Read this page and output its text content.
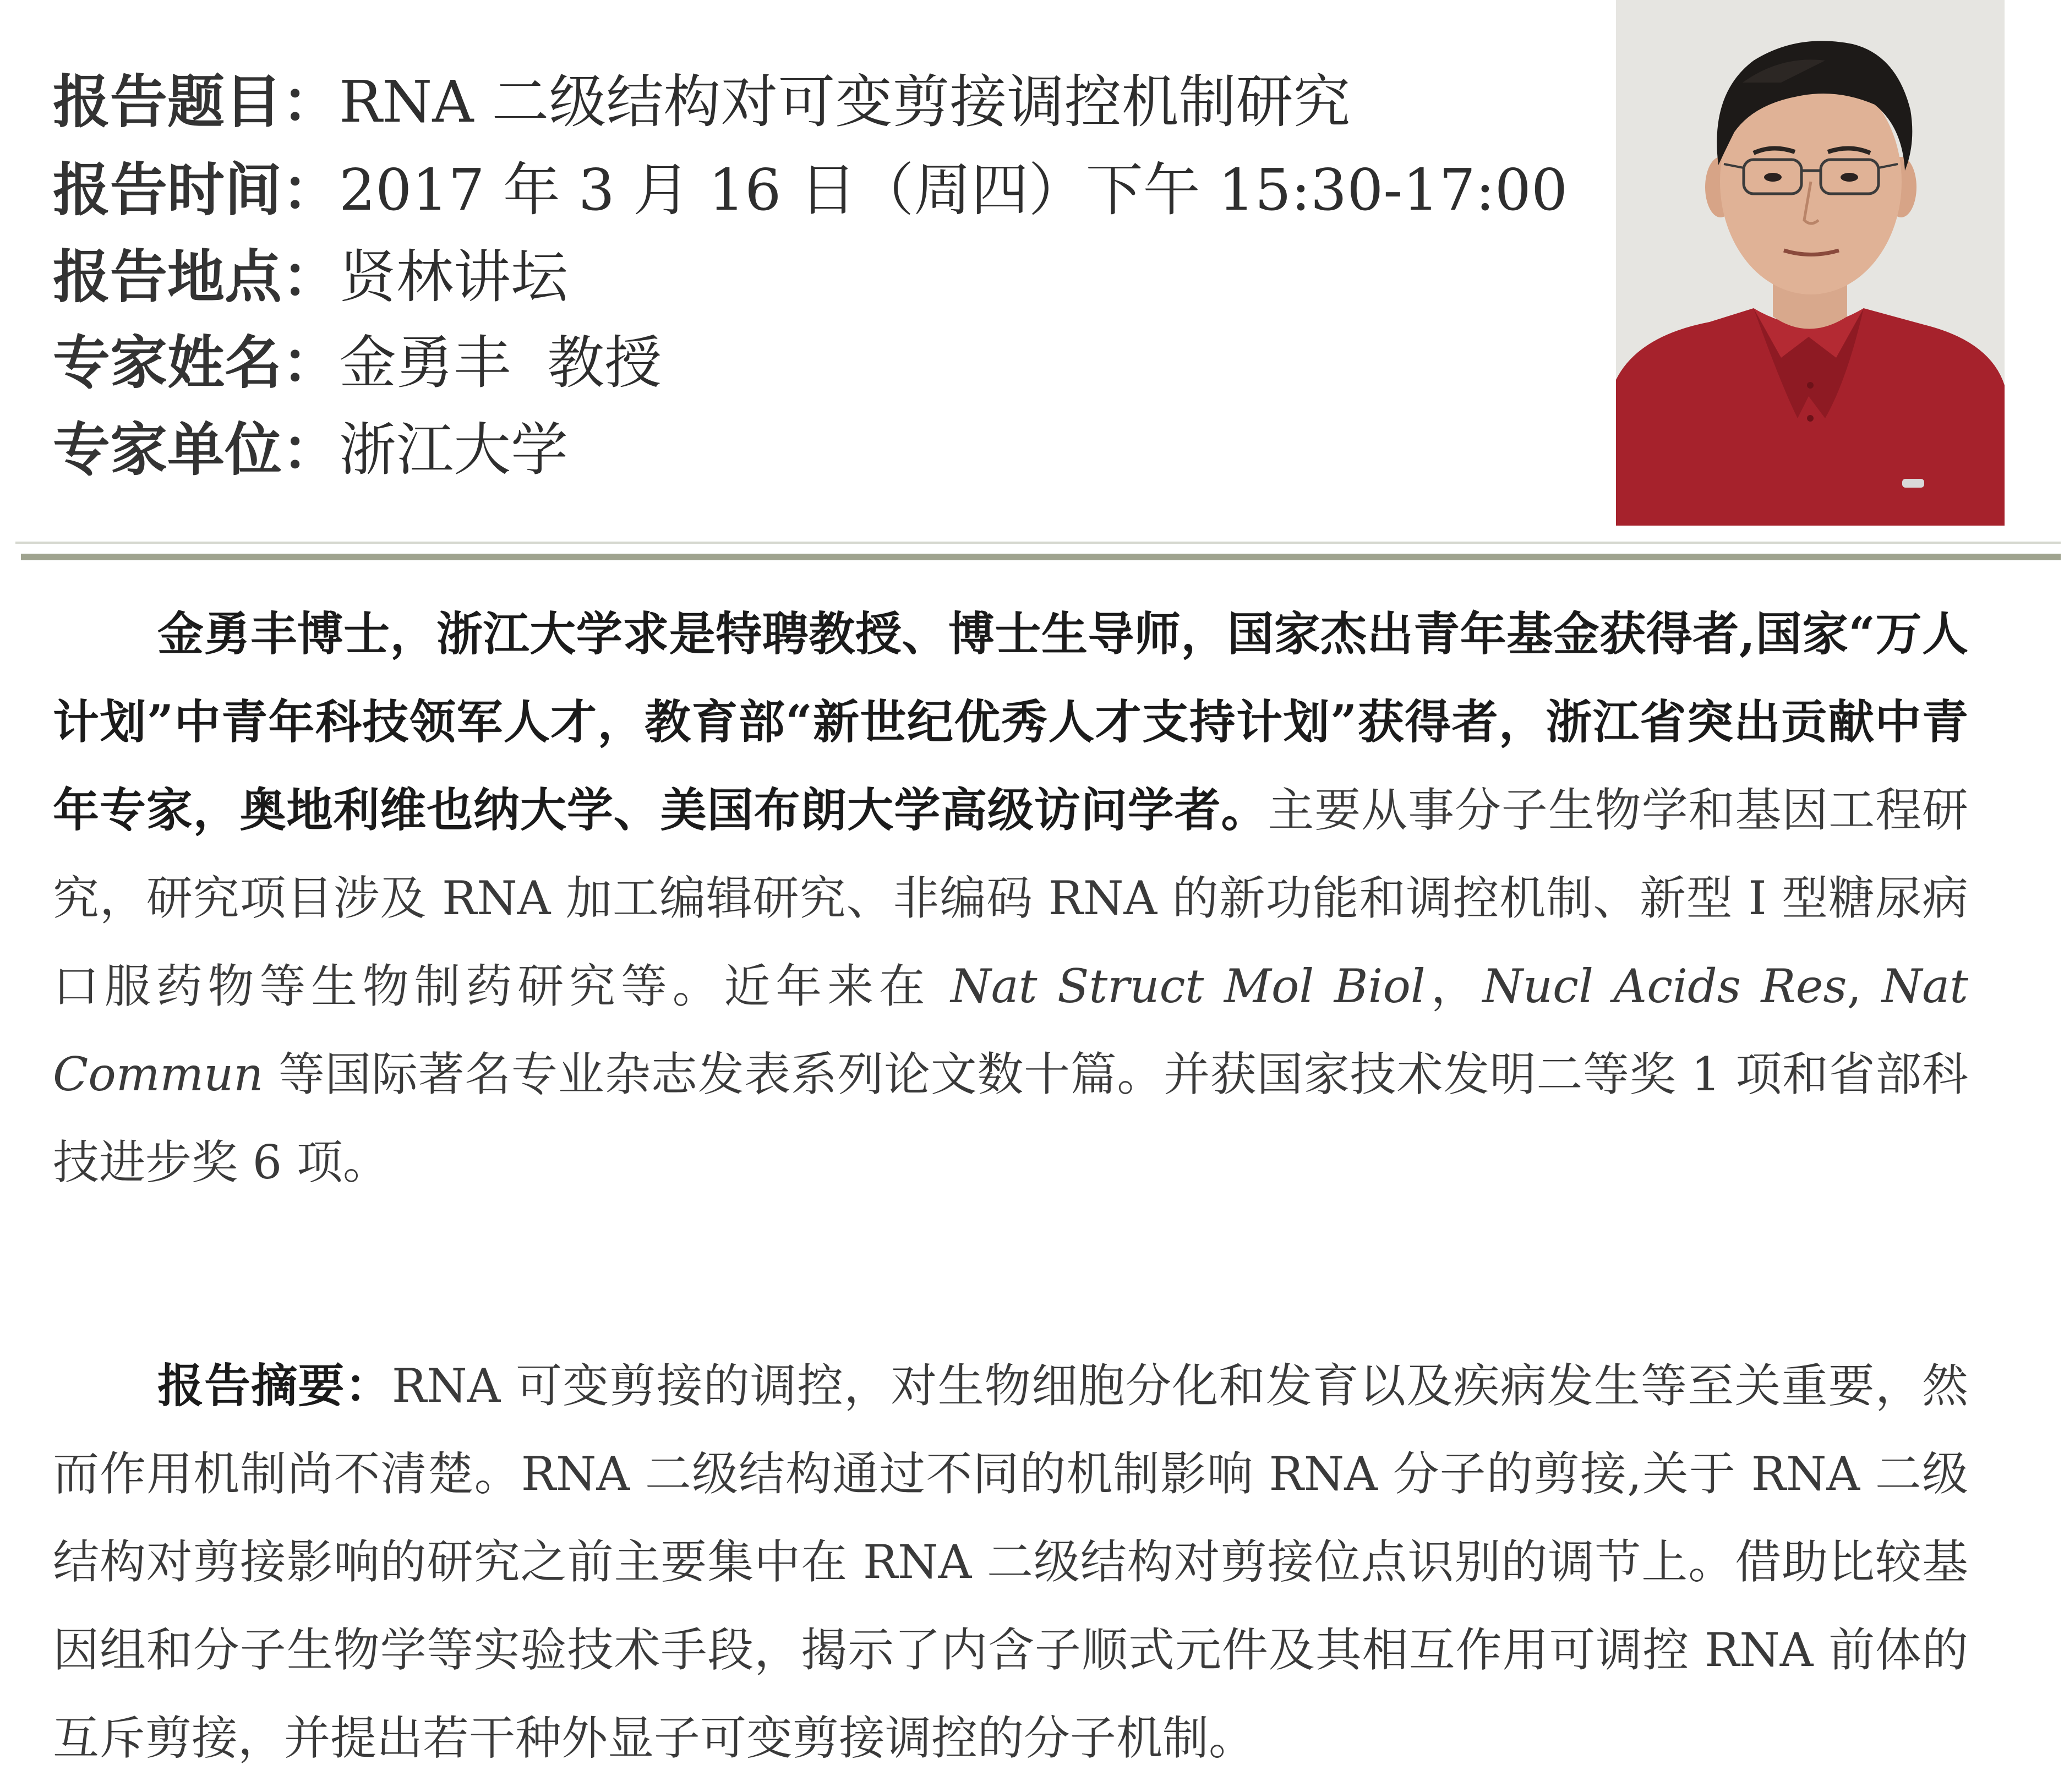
报告题目：RNA 二级结构对可变剪接调控机制研究
报告时间：2017 年 3 月 16 日（周四）下午 15:30-17:00
报告地点：贤林讲坛
专家姓名：金勇丰  教授
专家单位：浙江大学
金勇丰博士，浙江大学求是特聘教授、博士生导师，国家杰出青年基金获得者,国家“万人计划”中青年科技领军人才，教育部“新世纪优秀人才支持计划”获得者，浙江省突出贡献中青年专家，奥地利维也纳大学、美国布朗大学高级访问学者。主要从事分子生物学和基因工程研究，研究项目涉及 RNA 加工编辑研究、非编码 RNA 的新功能和调控机制、新型 I 型糖尿病口服药物等生物制药研究等。近年来在 Nat Struct Mol Biol，Nucl Acids Res, Nat Commun 等国际著名专业杂志发表系列论文数十篇。并获国家技术发明二等奖 1 项和省部科技进步奖 6 项。
报告摘要：RNA 可变剪接的调控，对生物细胞分化和发育以及疾病发生等至关重要，然而作用机制尚不清楚。RNA 二级结构通过不同的机制影响 RNA 分子的剪接,关于 RNA 二级结构对剪接影响的研究之前主要集中在 RNA 二级结构对剪接位点识别的调节上。借助比较基因组和分子生物学等实验技术手段，揭示了内含子顺式元件及其相互作用可调控 RNA 前体的互斥剪接，并提出若干种外显子可变剪接调控的分子机制。
